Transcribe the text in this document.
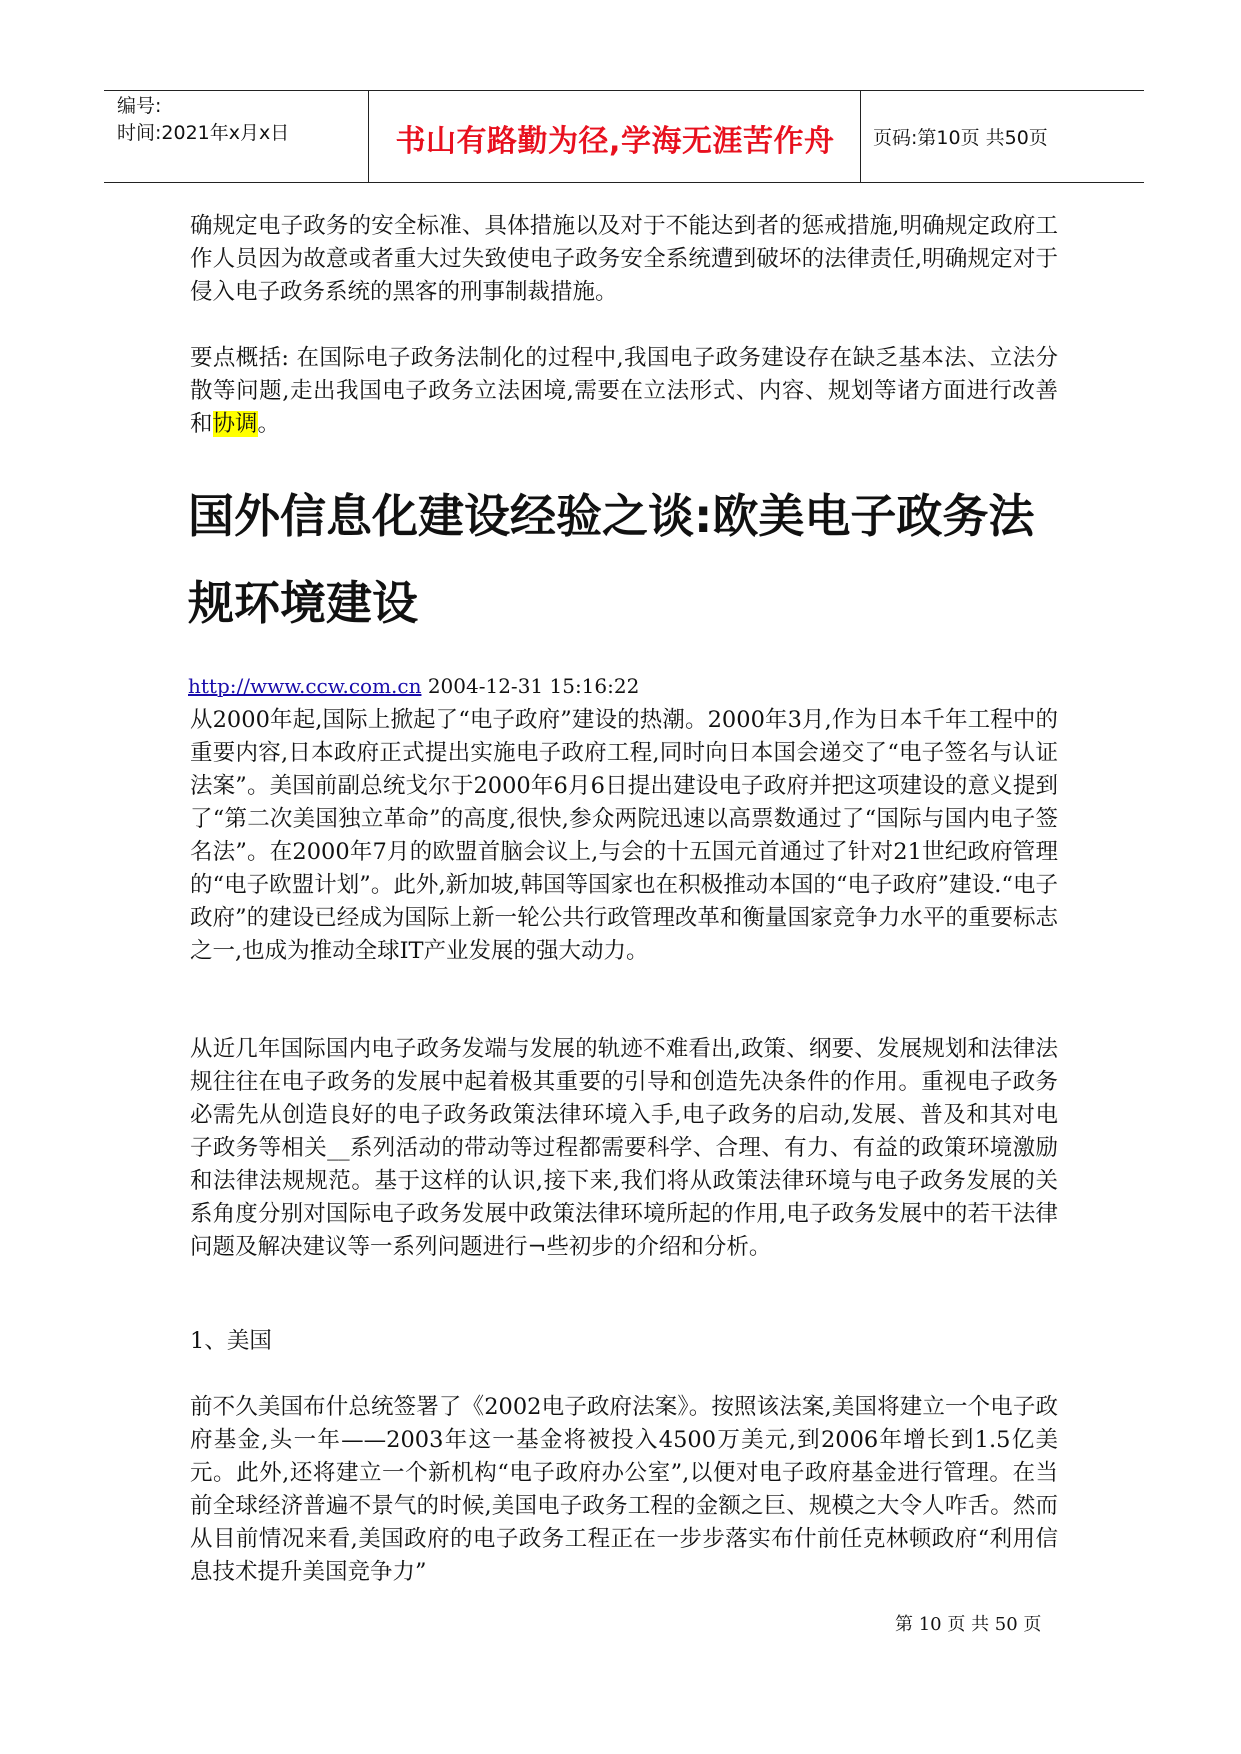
编号:
时间:2021年x月x日	书山有路勤为径,学海无涯苦作舟	页码:第10页 共50页

确规定电子政务的安全标准、具体措施以及对于不能达到者的惩戒措施,明确规定政府工作人员因为故意或者重大过失致使电子政务安全系统遭到破坏的法律责任,明确规定对于侵入电子政务系统的黑客的刑事制裁措施。

要点概括: 在国际电子政务法制化的过程中,我国电子政务建设存在缺乏基本法、立法分散等问题,走出我国电子政务立法困境,需要在立法形式、内容、规划等诸方面进行改善和协调。

国外信息化建设经验之谈:欧美电子政务法规环境建设
http://www.ccw.com.cn 2004-12-31 15:16:22

从2000年起,国际上掀起了“电子政府”建设的热潮。2000年3月,作为日本千年工程中的重要内容,日本政府正式提出实施电子政府工程,同时向日本国会递交了“电子签名与认证法案”。美国前副总统戈尔于2000年6月6日提出建设电子政府并把这项建设的意义提到了“第二次美国独立革命”的高度,很快,参众两院迅速以高票数通过了“国际与国内电子签名法”。在2000年7月的欧盟首脑会议上,与会的十五国元首通过了针对21世纪政府管理的“电子欧盟计划”。此外,新加坡,韩国等国家也在积极推动本国的“电子政府”建设.“电子政府”的建设已经成为国际上新一轮公共行政管理改革和衡量国家竞争力水平的重要标志之一,也成为推动全球IT产业发展的强大动力。

从近几年国际国内电子政务发端与发展的轨迹不难看出,政策、纲要、发展规划和法律法规往往在电子政务的发展中起着极其重要的引导和创造先决条件的作用。重视电子政务必需先从创造良好的电子政务政策法律环境入手,电子政务的启动,发展、普及和其对电子政务等相关__系列活动的带动等过程都需要科学、合理、有力、有益的政策环境激励和法律法规规范。基于这样的认识,接下来,我们将从政策法律环境与电子政务发展的关系角度分别对国际电子政务发展中政策法律环境所起的作用,电子政务发展中的若干法律问题及解决建议等一系列问题进行¬些初步的介绍和分析。

1、美国

前不久美国布什总统签署了《2002电子政府法案》。按照该法案,美国将建立一个电子政府基金,头一年——2003年这一基金将被投入4500万美元,到2006年增长到1.5亿美元。此外,还将建立一个新机构“电子政府办公室”,以便对电子政府基金进行管理。在当前全球经济普遍不景气的时候,美国电子政务工程的金额之巨、规模之大令人咋舌。然而从目前情况来看,美国政府的电子政务工程正在一步步落实布什前任克林顿政府“利用信息技术提升美国竞争力”

第 10 页 共 50 页
